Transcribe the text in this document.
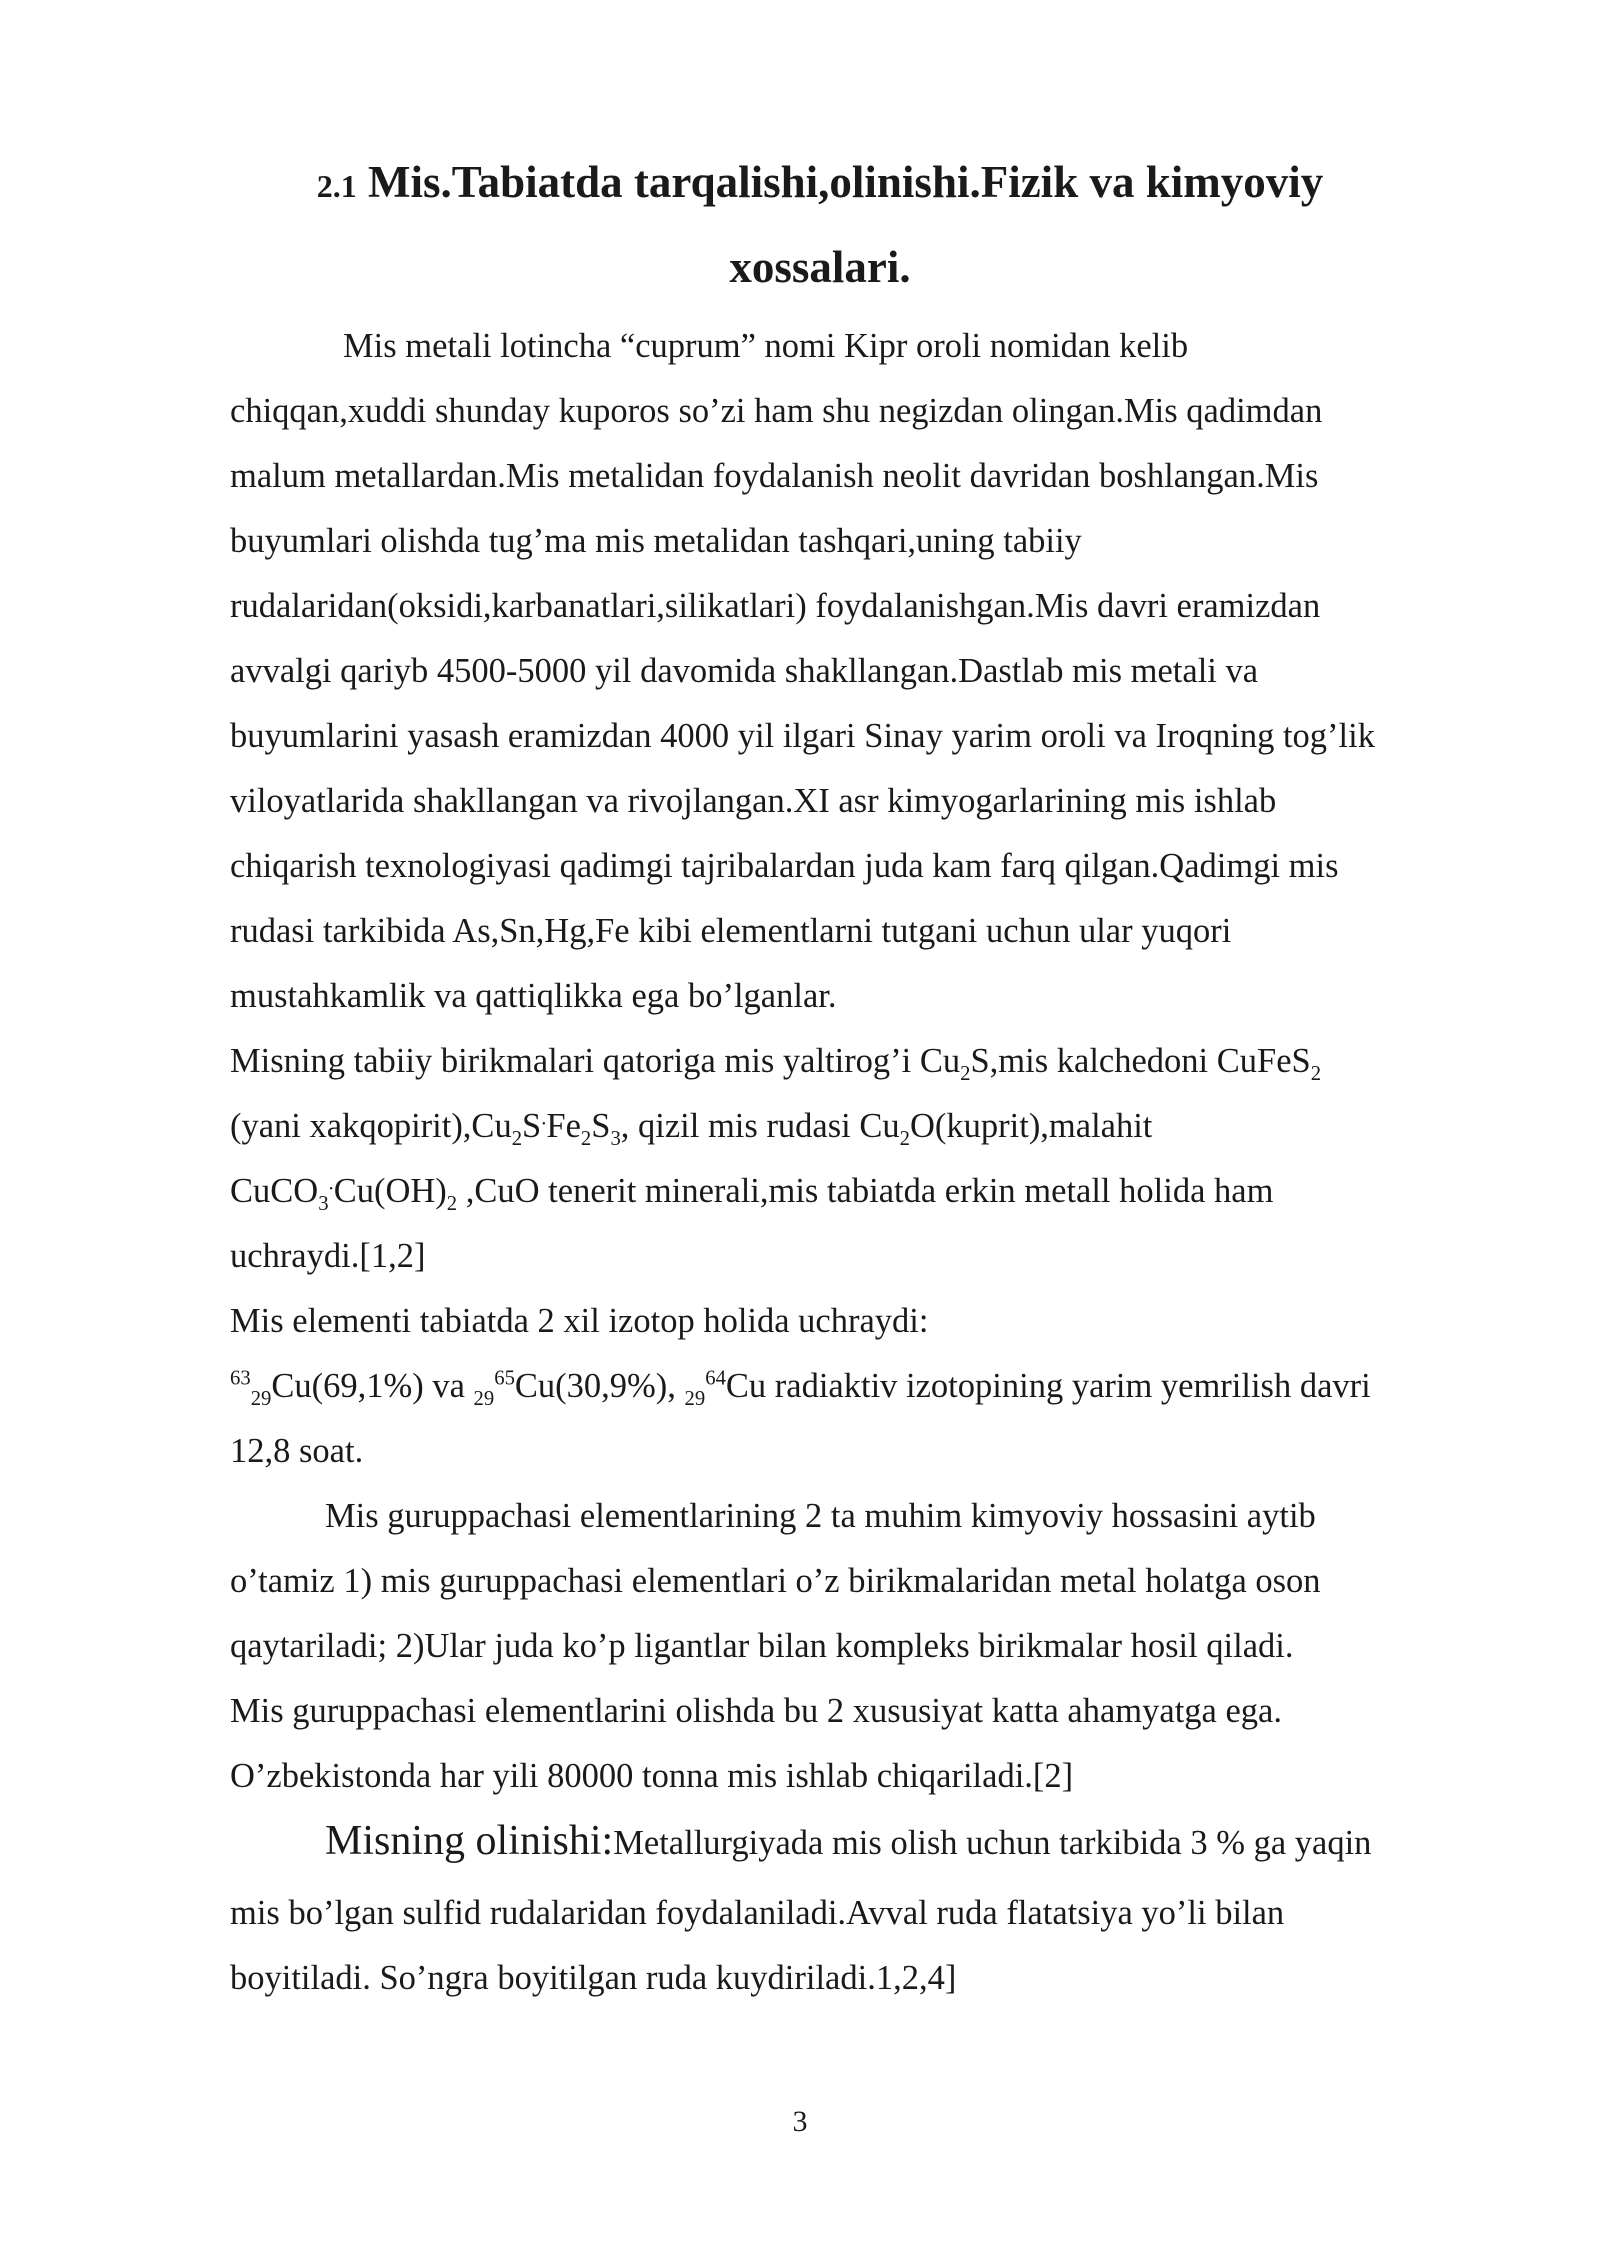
2.1 Mis.Tabiatda tarqalishi,olinishi.Fizik va kimyoviy
xossalari.
Mis metali lotincha “cuprum” nomi Kipr oroli nomidan kelib
chiqqan,xuddi shunday kuporos so’zi ham shu negizdan olingan.Mis qadimdan
malum metallardan.Mis metalidan foydalanish neolit davridan boshlangan.Mis
buyumlari olishda tug’ma mis metalidan tashqari,uning tabiiy
rudalaridan(oksidi,karbanatlari,silikatlari) foydalanishgan.Mis davri eramizdan
avvalgi qariyb 4500-5000 yil davomida shakllangan.Dastlab mis metali va
buyumlarini yasash eramizdan 4000 yil ilgari Sinay yarim oroli va Iroqning tog’lik
viloyatlarida shakllangan va rivojlangan.XI asr kimyogarlarining mis ishlab
chiqarish texnologiyasi qadimgi tajribalardan juda kam farq qilgan.Qadimgi mis
rudasi tarkibida As,Sn,Hg,Fe kibi elementlarni tutgani uchun ular yuqori
mustahkamlik va qattiqlikka ega bo’lganlar.
Misning tabiiy birikmalari qatoriga mis yaltirog’i $Cu_2S,mis$ kalchedoni CuFeS$_2$
(yani $xakqopirit),Cu_2S^.Fe_2S_3$, qizil mis rudasi $Cu_2O(kuprit),malahit$
$CuCO_3^.Cu(OH)_2$ ,CuO tenerit minerali,mis tabiatda erkin metall holida ham
uchraydi.[1,2]
Mis elementi tabiatda 2 xil izotop holida uchraydi:
$^{63}_{29}$Cu(69,1%) va $_{29}^{65}$Cu(30,9%), $_{29}^{64}$Cu radiaktiv izotopining yarim yemrilish davri
12,8 soat.
Mis guruppachasi elementlarining 2 ta muhim kimyoviy hossasini aytib
o’tamiz 1) mis guruppachasi elementlari o’z birikmalaridan metal holatga oson
qaytariladi; 2)Ular juda ko’p ligantlar bilan kompleks birikmalar hosil qiladi.
Mis guruppachasi elementlarini olishda bu 2 xususiyat katta ahamyatga ega.
O’zbekistonda har yili 80000 tonna mis ishlab chiqariladi.[2]
Misning olinishi:Metallurgiyada mis olish uchun tarkibida 3 % ga yaqin
mis bo’lgan sulfid rudalaridan foydalaniladi.Avval ruda flatatsiya yo’li bilan
boyitiladi. So’ngra boyitilgan ruda kuydiriladi.1,2,4]
3
